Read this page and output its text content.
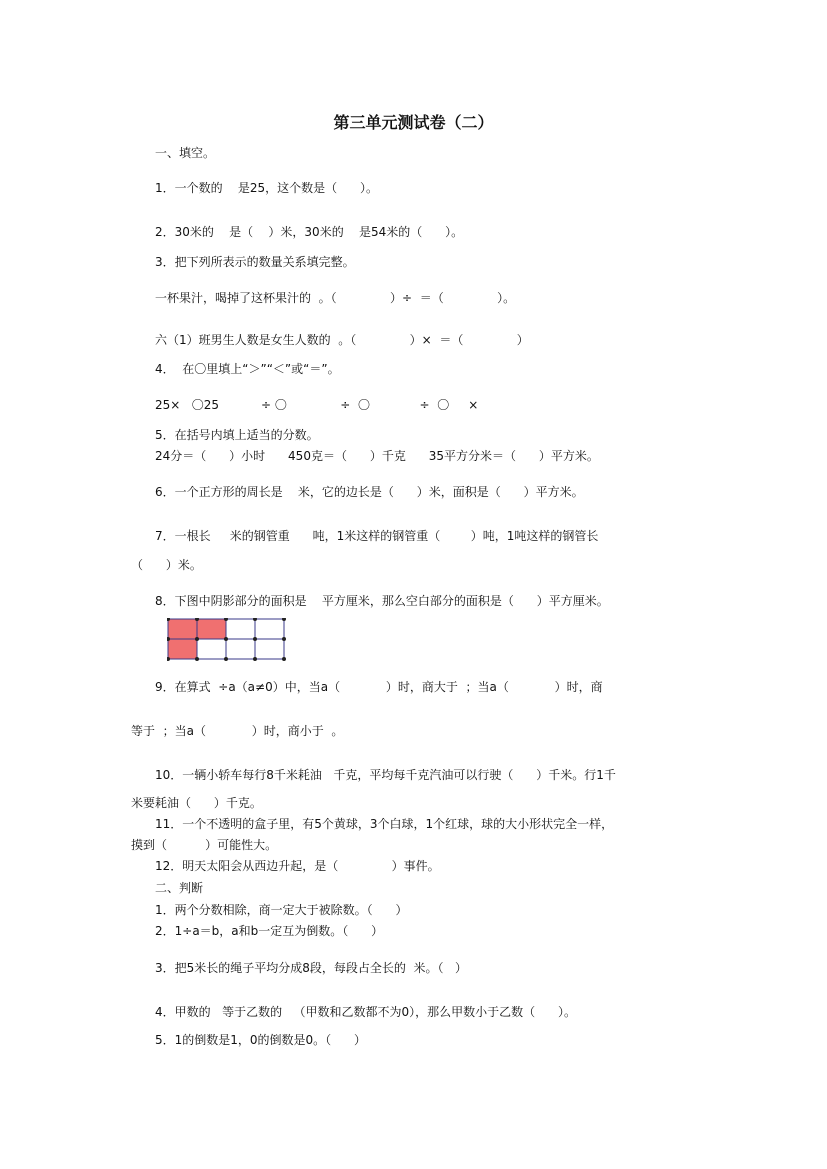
第三单元测试卷（二）
一、填空。
1．一个数的    是25，这个数是（      ）。
2．30米的    是（    ）米，30米的    是54米的（      ）。
3．把下列所表示的数量关系填完整。
一杯果汁，喝掉了这杯果汁的  。（              ）÷  ＝（              ）。
六（1）班男生人数是女生人数的  。（              ）×  ＝（              ）
4．  在〇里填上“＞”“＜”或“＝”。
25×   〇25           ÷ 〇              ÷  〇             ÷  〇     ×
5．在括号内填上适当的分数。
24分＝（      ）小时      450克＝（      ）千克      35平方分米＝（      ）平方米。
6．一个正方形的周长是    米，它的边长是（      ）米，面积是（      ）平方米。
7．一根长     米的钢管重      吨，1米这样的钢管重（        ）吨，1吨这样的钢管长
（      ）米。
8．下图中阴影部分的面积是    平方厘米，那么空白部分的面积是（      ）平方厘米。
9．在算式  ÷a（a≠0）中，当a（            ）时，商大于  ；当a（            ）时，商
等于  ；当a（            ）时，商小于  。
10．一辆小轿车每行8千米耗油   千克，平均每千克汽油可以行驶（      ）千米。行1千
米要耗油（      ）千克。
11．一个不透明的盒子里，有5个黄球，3个白球，1个红球，球的大小形状完全一样，
摸到（          ）可能性大。
12．明天太阳会从西边升起，是（              ）事件。
二、判断
1．两个分数相除，商一定大于被除数。（      ）
2．1÷a＝b，a和b一定互为倒数。（      ）
3．把5米长的绳子平均分成8段，每段占全长的  米。（   ）
4．甲数的   等于乙数的   （甲数和乙数都不为0），那么甲数小于乙数（      ）。
5．1的倒数是1，0的倒数是0。（      ）
